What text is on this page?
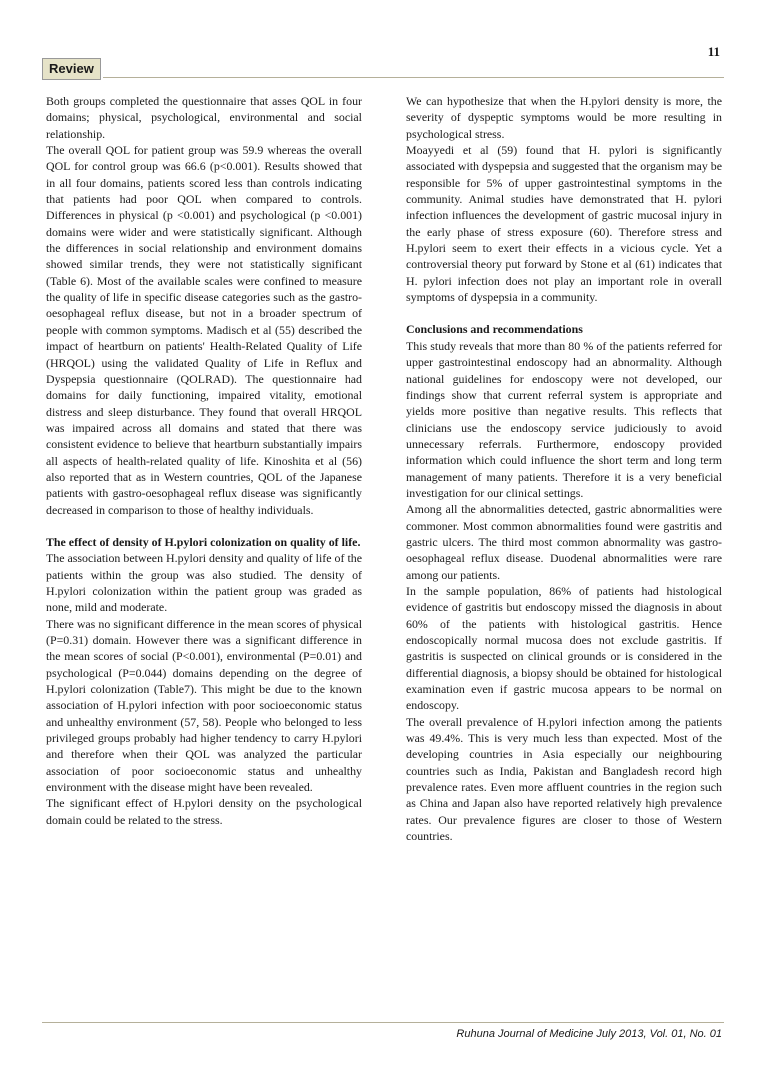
11
Review

Both groups completed the questionnaire that asses QOL in four domains; physical, psychological, environmental and social relationship.

The overall QOL for patient group was 59.9 whereas the overall QOL for control group was 66.6 (p<0.001). Results showed that in all four domains, patients scored less than controls indicating that patients had poor QOL when compared to controls. Differences in physical (p <0.001) and psychological (p <0.001) domains were wider and were statistically significant. Although the differences in social relationship and environment domains showed similar trends, they were not statistically significant (Table 6). Most of the available scales were confined to measure the quality of life in specific disease categories such as the gastro-oesophageal reflux disease, but not in a broader spectrum of people with common symptoms. Madisch et al (55) described the impact of heartburn on patients' Health-Related Quality of Life (HRQOL) using the validated Quality of Life in Reflux and Dyspepsia questionnaire (QOLRAD). The questionnaire had domains for daily functioning, impaired vitality, emotional distress and sleep disturbance. They found that overall HRQOL was impaired across all domains and stated that there was consistent evidence to believe that heartburn substantially impairs all aspects of health-related quality of life. Kinoshita et al (56) also reported that as in Western countries, QOL of the Japanese patients with gastro-oesophageal reflux disease was significantly decreased in comparison to those of healthy individuals.

The effect of density of H.pylori colonization on quality of life.

The association between H.pylori density and quality of life of the patients within the group was also studied. The density of H.pylori colonization within the patient group was graded as none, mild and moderate.

There was no significant difference in the mean scores of physical (P=0.31) domain. However there was a significant difference in the mean scores of social (P<0.001), environmental (P=0.01) and psychological (P=0.044) domains depending on the degree of H.pylori colonization (Table7). This might be due to the known association of H.pylori infection with poor socioeconomic status and unhealthy environment (57, 58). People who belonged to less privileged groups probably had higher tendency to carry H.pylori and therefore when their QOL was analyzed the particular association of poor socioeconomic status and unhealthy environment with the disease might have been revealed.

The significant effect of H.pylori density on the psychological domain could be related to the stress.

We can hypothesize that when the H.pylori density is more, the severity of dyspeptic symptoms would be more resulting in psychological stress.

Moayyedi et al (59) found that H. pylori is significantly associated with dyspepsia and suggested that the organism may be responsible for 5% of upper gastrointestinal symptoms in the community. Animal studies have demonstrated that H. pylori infection influences the development of gastric mucosal injury in the early phase of stress exposure (60). Therefore stress and H.pylori seem to exert their effects in a vicious cycle. Yet a controversial theory put forward by Stone et al (61) indicates that H. pylori infection does not play an important role in overall symptoms of dyspepsia in a community.

Conclusions and recommendations

This study reveals that more than 80 % of the patients referred for upper gastrointestinal endoscopy had an abnormality. Although national guidelines for endoscopy were not developed, our findings show that current referral system is appropriate and yields more positive than negative results. This reflects that clinicians use the endoscopy service judiciously to avoid unnecessary referrals. Furthermore, endoscopy provided information which could influence the short term and long term management of many patients. Therefore it is a very beneficial investigation for our clinical settings.

Among all the abnormalities detected, gastric abnormalities were commoner. Most common abnormalities found were gastritis and gastric ulcers. The third most common abnormality was gastro-oesophageal reflux disease. Duodenal abnormalities were rare among our patients.

In the sample population, 86% of patients had histological evidence of gastritis but endoscopy missed the diagnosis in about 60% of the patients with histological gastritis. Hence endoscopically normal mucosa does not exclude gastritis. If gastritis is suspected on clinical grounds or is considered in the differential diagnosis, a biopsy should be obtained for histological examination even if gastric mucosa appears to be normal on endoscopy.

The overall prevalence of H.pylori infection among the patients was 49.4%. This is very much less than expected. Most of the developing countries in Asia especially our neighbouring countries such as India, Pakistan and Bangladesh record high prevalence rates. Even more affluent countries in the region such as China and Japan also have reported relatively high prevalence rates. Our prevalence figures are closer to those of Western countries.

Ruhuna Journal of Medicine July 2013, Vol. 01, No. 01
